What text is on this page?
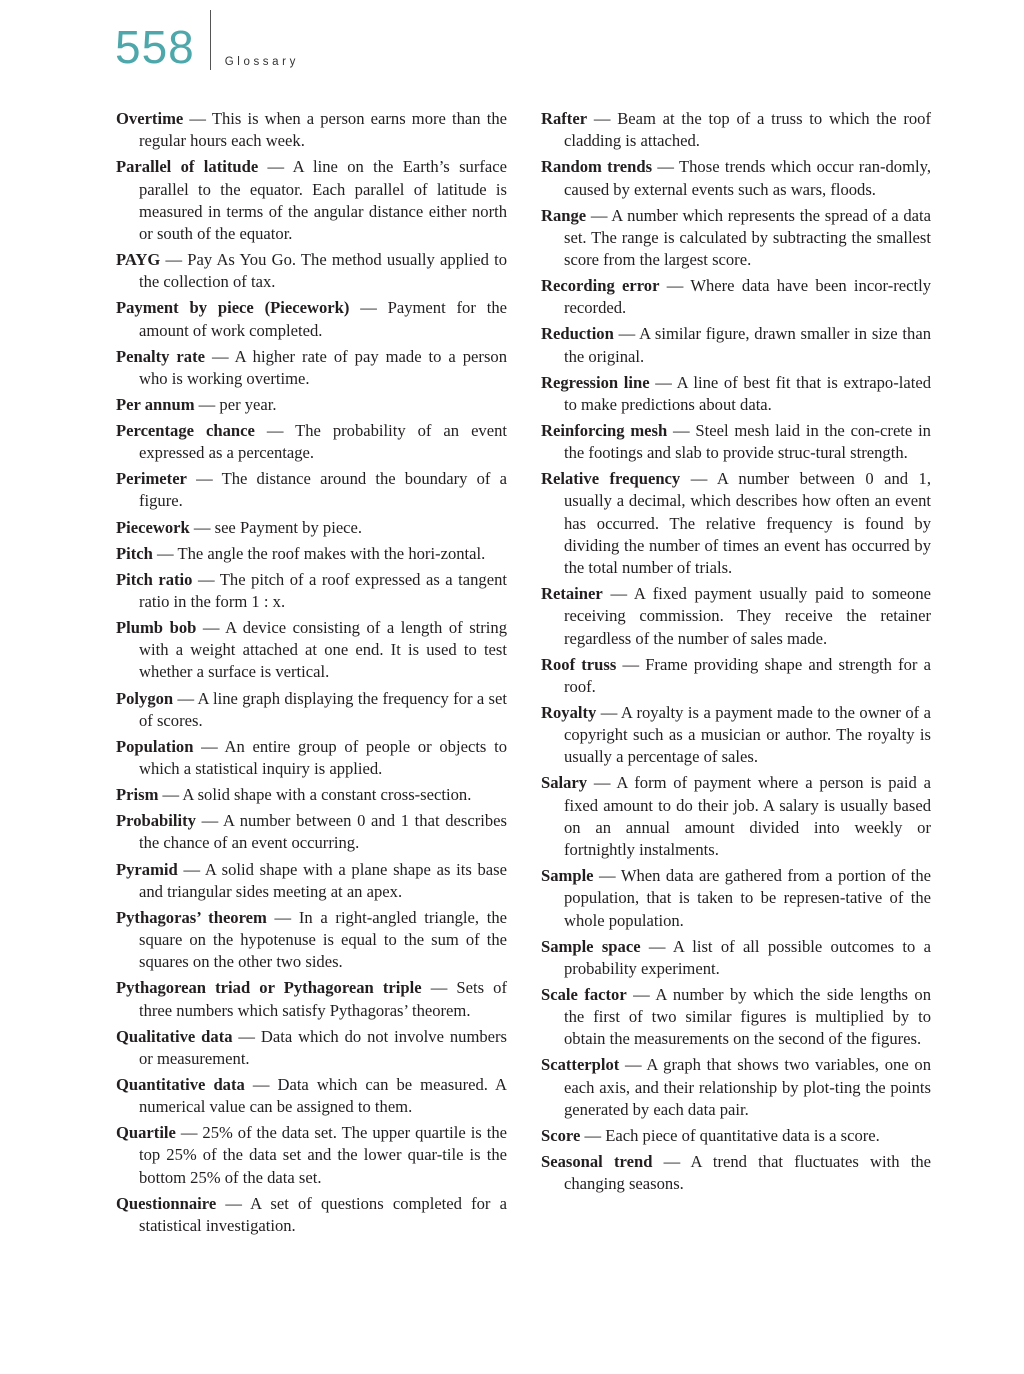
558	Glossary
Overtime — This is when a person earns more than the regular hours each week.
Parallel of latitude — A line on the Earth’s surface parallel to the equator. Each parallel of latitude is measured in terms of the angular distance either north or south of the equator.
PAYG — Pay As You Go. The method usually applied to the collection of tax.
Payment by piece (Piecework) — Payment for the amount of work completed.
Penalty rate — A higher rate of pay made to a person who is working overtime.
Per annum — per year.
Percentage chance — The probability of an event expressed as a percentage.
Perimeter — The distance around the boundary of a figure.
Piecework — see Payment by piece.
Pitch — The angle the roof makes with the hori-zontal.
Pitch ratio — The pitch of a roof expressed as a tangent ratio in the form 1 : x.
Plumb bob — A device consisting of a length of string with a weight attached at one end. It is used to test whether a surface is vertical.
Polygon — A line graph displaying the frequency for a set of scores.
Population — An entire group of people or objects to which a statistical inquiry is applied.
Prism — A solid shape with a constant cross-section.
Probability — A number between 0 and 1 that describes the chance of an event occurring.
Pyramid — A solid shape with a plane shape as its base and triangular sides meeting at an apex.
Pythagoras’ theorem — In a right-angled triangle, the square on the hypotenuse is equal to the sum of the squares on the other two sides.
Pythagorean triad or Pythagorean triple — Sets of three numbers which satisfy Pythagoras’ theorem.
Qualitative data — Data which do not involve numbers or measurement.
Quantitative data — Data which can be measured. A numerical value can be assigned to them.
Quartile — 25% of the data set. The upper quartile is the top 25% of the data set and the lower quar-tile is the bottom 25% of the data set.
Questionnaire — A set of questions completed for a statistical investigation.
Rafter — Beam at the top of a truss to which the roof cladding is attached.
Random trends — Those trends which occur ran-domly, caused by external events such as wars, floods.
Range — A number which represents the spread of a data set. The range is calculated by subtracting the smallest score from the largest score.
Recording error — Where data have been incor-rectly recorded.
Reduction — A similar figure, drawn smaller in size than the original.
Regression line — A line of best fit that is extrapo-lated to make predictions about data.
Reinforcing mesh — Steel mesh laid in the con-crete in the footings and slab to provide struc-tural strength.
Relative frequency — A number between 0 and 1, usually a decimal, which describes how often an event has occurred. The relative frequency is found by dividing the number of times an event has occurred by the total number of trials.
Retainer — A fixed payment usually paid to someone receiving commission. They receive the retainer regardless of the number of sales made.
Roof truss — Frame providing shape and strength for a roof.
Royalty — A royalty is a payment made to the owner of a copyright such as a musician or author. The royalty is usually a percentage of sales.
Salary — A form of payment where a person is paid a fixed amount to do their job. A salary is usually based on an annual amount divided into weekly or fortnightly instalments.
Sample — When data are gathered from a portion of the population, that is taken to be represen-tative of the whole population.
Sample space — A list of all possible outcomes to a probability experiment.
Scale factor — A number by which the side lengths on the first of two similar figures is multiplied by to obtain the measurements on the second of the figures.
Scatterplot — A graph that shows two variables, one on each axis, and their relationship by plot-ting the points generated by each data pair.
Score — Each piece of quantitative data is a score.
Seasonal trend — A trend that fluctuates with the changing seasons.
